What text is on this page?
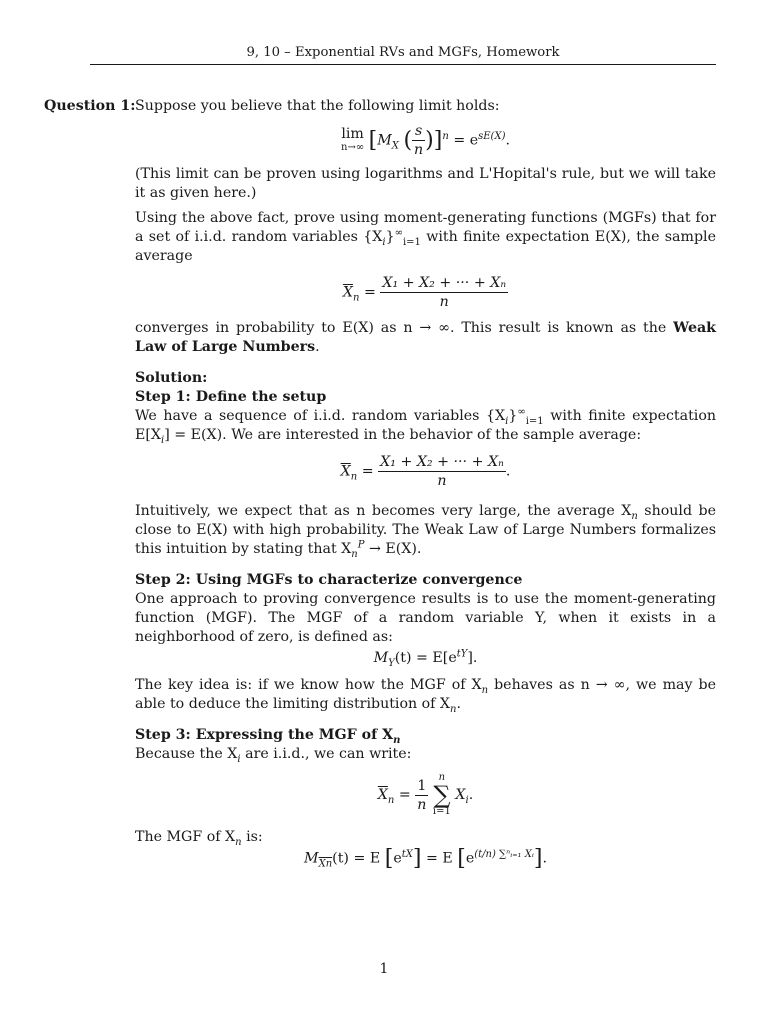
9, 10 – Exponential RVs and MGFs, Homework
Question 1: Suppose you believe that the following limit holds:

lim
n→∞ [$M_X$ ( $\frac{s}{n} )]^n = e^{sE(X)}$.

(This limit can be proven using logarithms and L'Hopital's rule, but we will take it as given here.)

Using the above fact, prove using moment-generating functions (MGFs) that for a set of i.i.d. random variables $\{X_i\}^\infty_{i=1}$ with finite expectation E(X), the sample average

$\overline{X}_n = \frac{\text{X₁ + X₂ + ··· + Xₙ}}{n}$

converges in probability to E(X) as n → ∞. This result is known as the Weak Law of Large Numbers.

Solution:

Step 1: Define the setup

We have a sequence of i.i.d. random variables $\{X_i\}^\infty_{i=1}$ with finite expectation $E[X_i] = E(X)$. We are interested in the behavior of the sample average:

$\overline{X}_n = \frac{\text{X₁ + X₂ + ··· + Xₙ}}{n}$ .

Intuitively, we expect that as n becomes very large, the average $X_n$ should be close to E(X) with high probability. The Weak Law of Large Numbers formalizes this intuition by stating that $X_n^P \to E(X)$.

Step 2: Using MGFs to characterize convergence

One approach to proving convergence results is to use the moment-generating function (MGF). The MGF of a random variable Y, when it exists in a neighborhood of zero, is defined as:

$M_Y(t) = E[e^{tY}]$.

The key idea is: if we know how the MGF of $X_n$ behaves as n → ∞, we may be able to deduce the limiting distribution of $X_n$.

Step 3: Expressing the MGF of $X_n$

Because the $X_i$ are i.i.d., we can write:

$\overline{X}_n = \frac{1}{n}$
	n
∑
i=1
$X_i$.

The MGF of $X_n$ is:

$M_{Xn}(t) = E$ $[e^{tX}] = E$ $[e^{(t/n) \sum^nᵢ_{=1} Xᵢ}]$.
1
